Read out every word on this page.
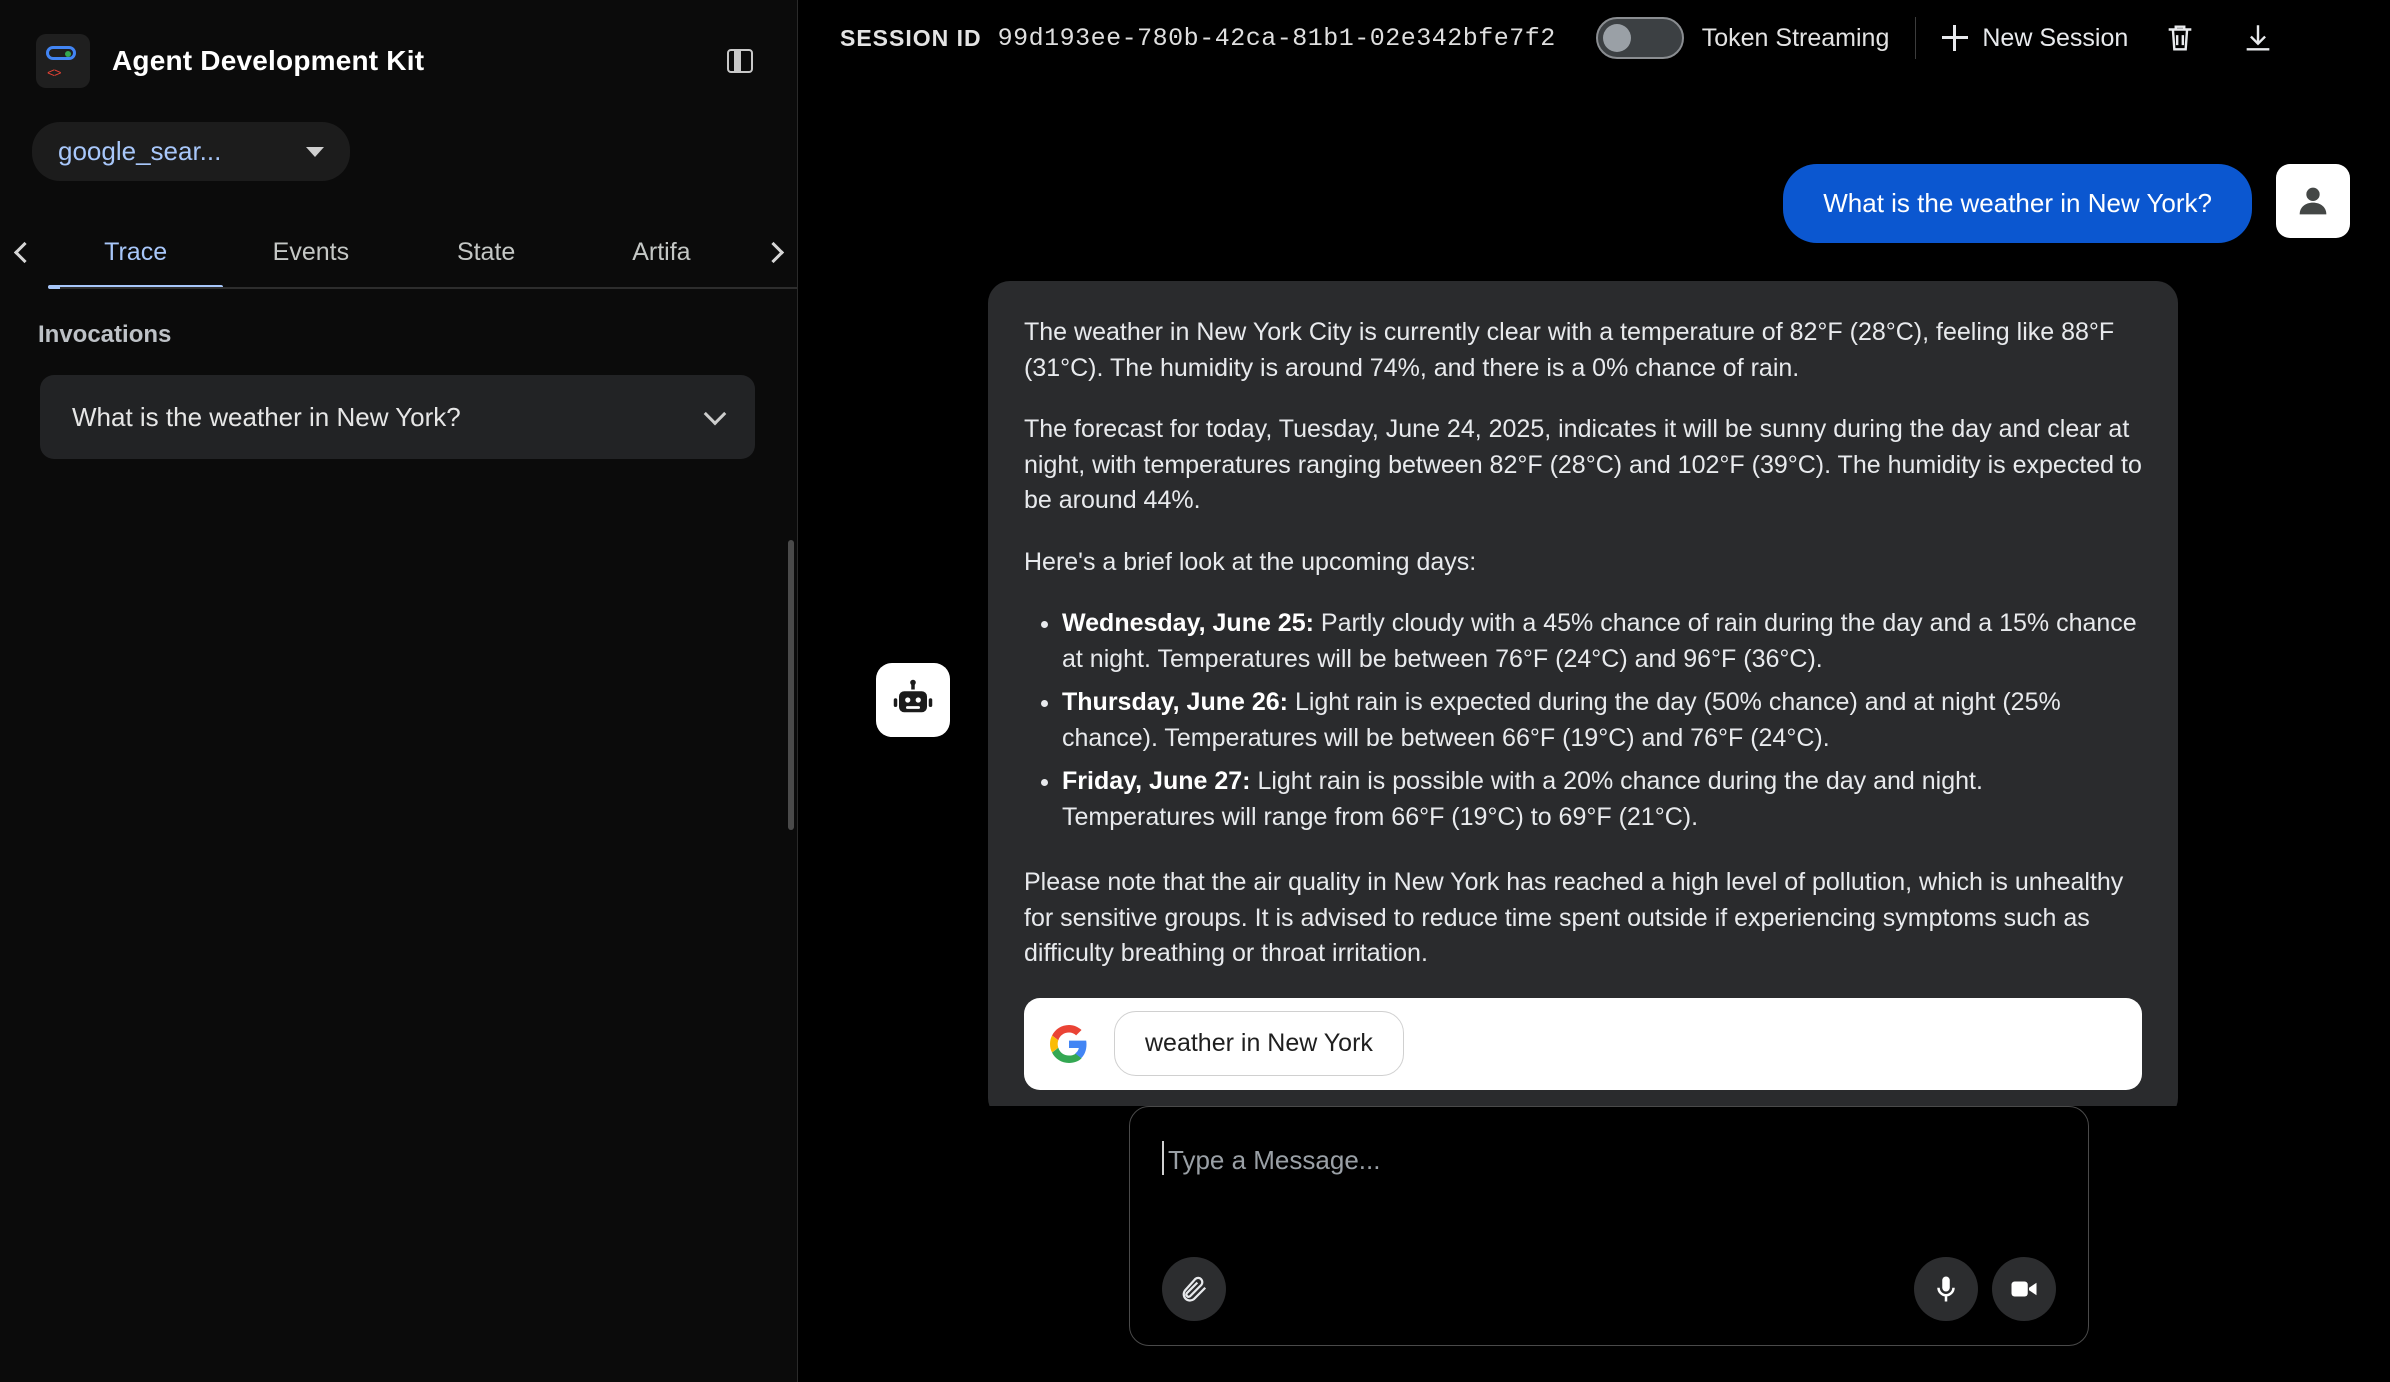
<> Agent Development Kit
google_sear...
Trace	Events	State	Artifa
Invocations
What is the weather in New York?
SESSION ID 99d193ee-780b-42ca-81b1-02e342bfe7f2	Token Streaming	New Session
What is the weather in New York?

The weather in New York City is currently clear with a temperature of 82°F (28°C), feeling like 88°F (31°C). The humidity is around 74%, and there is a 0% chance of rain.

The forecast for today, Tuesday, June 24, 2025, indicates it will be sunny during the day and clear at night, with temperatures ranging between 82°F (28°C) and 102°F (39°C). The humidity is expected to be around 44%.

Here's a brief look at the upcoming days:

• Wednesday, June 25: Partly cloudy with a 45% chance of rain during the day and a 15% chance at night. Temperatures will be between 76°F (24°C) and 96°F (36°C).
• Thursday, June 26: Light rain is expected during the day (50% chance) and at night (25% chance). Temperatures will be between 66°F (19°C) and 76°F (24°C).
• Friday, June 27: Light rain is possible with a 20% chance during the day and night. Temperatures will range from 66°F (19°C) to 69°F (21°C).

Please note that the air quality in New York has reached a high level of pollution, which is unhealthy for sensitive groups. It is advised to reduce time spent outside if experiencing symptoms such as difficulty breathing or throat irritation.

weather in New York
Type a Message...
